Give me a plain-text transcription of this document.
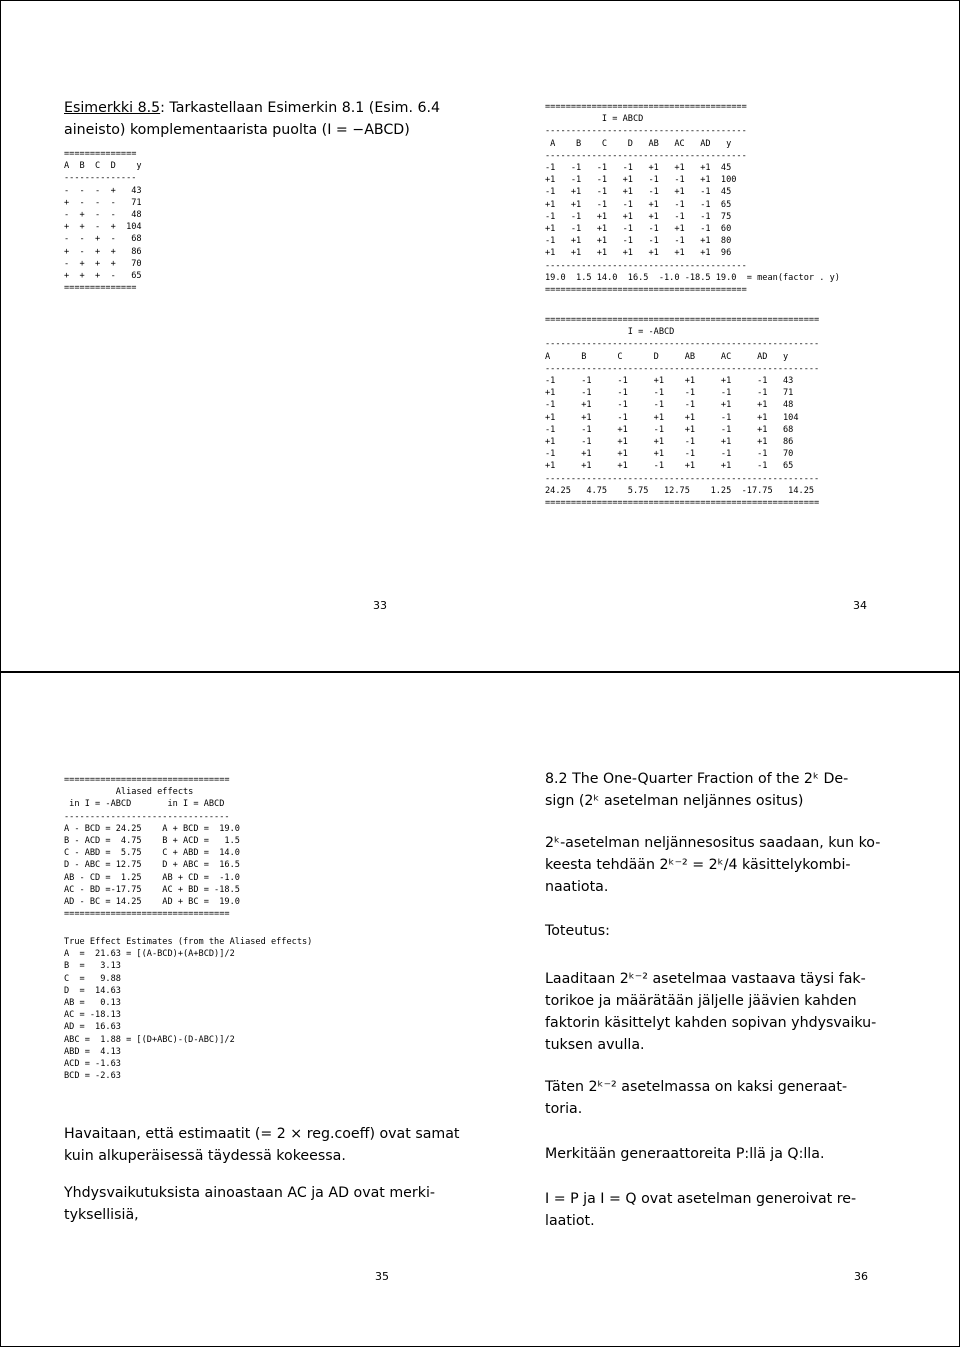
Esimerkki 8.5: Tarkastellaan Esimerkin 8.1 (Esim. 6.4
aineisto) komplementaarista puolta (I = −ABCD)
==============
A  B  C  D    y
--------------
-  -  -  +   43
+  -  -  -   71
-  +  -  -   48
+  +  -  +  104
-  -  +  -   68
+  -  +  +   86
-  +  +  +   70
+  +  +  -   65
==============
33
=======================================
I = ABCD
---------------------------------------
A    B    C    D   AB   AC   AD   y
---------------------------------------
-1   -1   -1   -1   +1   +1   +1  45
+1   -1   -1   +1   -1   -1   +1  100
-1   +1   -1   +1   -1   +1   -1  45
+1   +1   -1   -1   +1   -1   -1  65
-1   -1   +1   +1   +1   -1   -1  75
+1   -1   +1   -1   -1   +1   -1  60
-1   +1   +1   -1   -1   -1   +1  80
+1   +1   +1   +1   +1   +1   +1  96
---------------------------------------
19.0  1.5 14.0  16.5  -1.0 -18.5 19.0  = mean(factor . y)
=======================================
=====================================================
I = -ABCD
-----------------------------------------------------
A      B      C      D     AB     AC     AD   y
-----------------------------------------------------
-1     -1     -1     +1    +1     +1     -1   43
+1     -1     -1     -1    -1     -1     -1   71
-1     +1     -1     -1    -1     +1     +1   48
+1     +1     -1     +1    +1     -1     +1   104
-1     -1     +1     -1    +1     -1     +1   68
+1     -1     +1     +1    -1     +1     +1   86
-1     +1     +1     +1    -1     -1     -1   70
+1     +1     +1     -1    +1     +1     -1   65
-----------------------------------------------------
24.25   4.75    5.75   12.75    1.25  -17.75   14.25
=====================================================
34
================================
Aliased effects
in I = -ABCD       in I = ABCD
--------------------------------
A - BCD = 24.25    A + BCD =  19.0
B - ACD =  4.75    B + ACD =   1.5
C - ABD =  5.75    C + ABD =  14.0
D - ABC = 12.75    D + ABC =  16.5
AB - CD =  1.25    AB + CD =  -1.0
AC - BD =-17.75    AC + BD = -18.5
AD - BC = 14.25    AD + BC =  19.0
================================
True Effect Estimates (from the Aliased effects)
A  =  21.63 = [(A-BCD)+(A+BCD)]/2
B  =   3.13
C  =   9.88
D  =  14.63
AB =   0.13
AC = -18.13
AD =  16.63
ABC =  1.88 = [(D+ABC)-(D-ABC)]/2
ABD =  4.13
ACD = -1.63
BCD = -2.63
Havaitaan, että estimaatit (= 2 × reg.coeff) ovat samat
kuin alkuperäisessä täydessä kokeessa.
Yhdysvaikutuksista ainoastaan AC ja AD ovat merki-
tyksellisiä,
35
8.2 The One-Quarter Fraction of the 2ᵏ De-
sign (2ᵏ asetelman neljännes ositus)
2ᵏ-asetelman neljännesositus saadaan, kun ko-
keesta tehdään 2ᵏ⁻² = 2ᵏ/4 käsittelykombi-
naatiota.
Toteutus:
Laaditaan 2ᵏ⁻² asetelmaa vastaava täysi fak-
torikoe ja määrätään jäljelle jäävien kahden
faktorin käsittelyt kahden sopivan yhdysvaiku-
tuksen avulla.
Täten 2ᵏ⁻² asetelmassa on kaksi generaat-
toria.
Merkitään generaattoreita P:llä ja Q:lla.
I = P ja I = Q ovat asetelman generoivat re-
laatiot.
36
